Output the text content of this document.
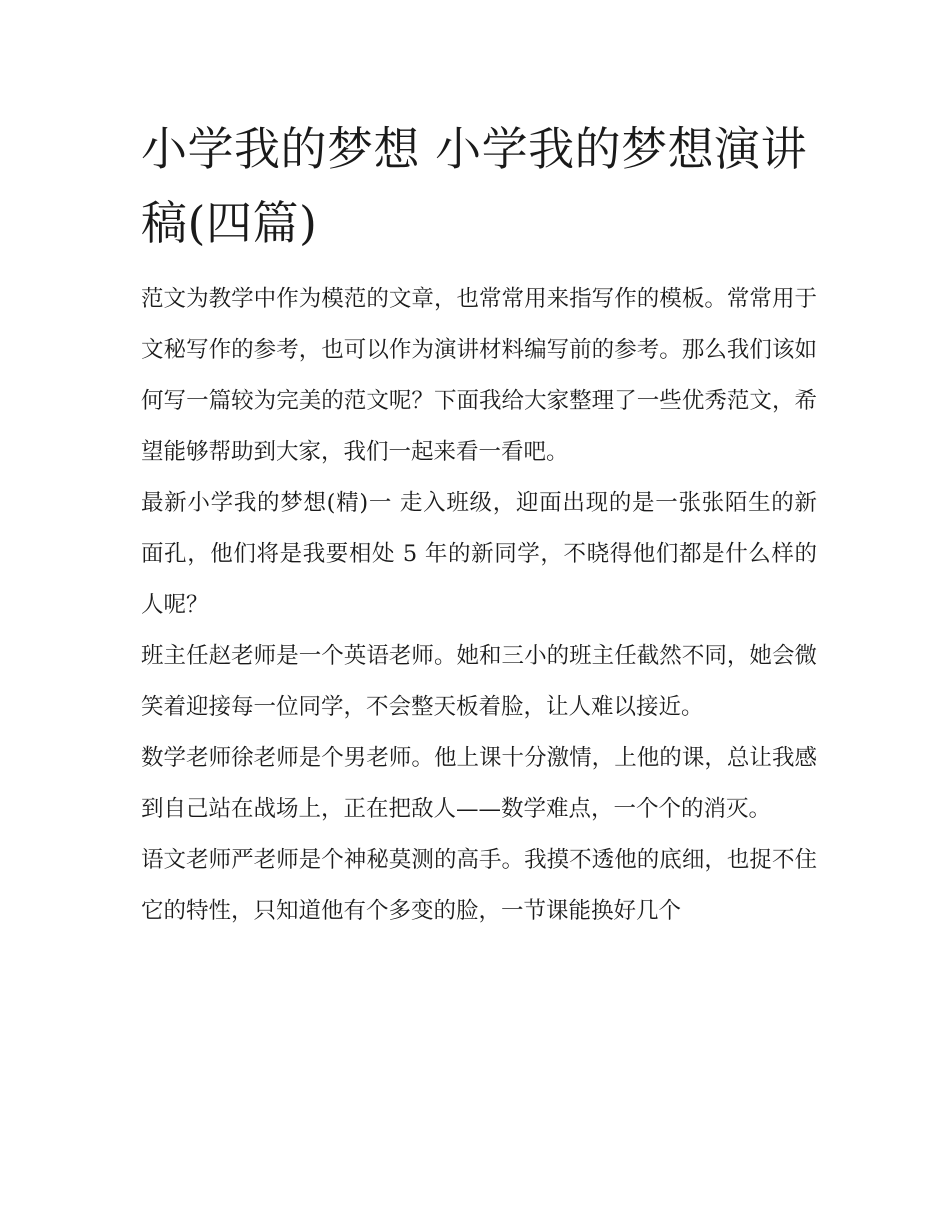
小学我的梦想 小学我的梦想演讲稿(四篇)

范文为教学中作为模范的文章，也常常用来指写作的模板。常常用于文秘写作的参考，也可以作为演讲材料编写前的参考。那么我们该如何写一篇较为完美的范文呢？下面我给大家整理了一些优秀范文，希望能够帮助到大家，我们一起来看一看吧。

最新小学我的梦想(精)一 走入班级，迎面出现的是一张张陌生的新面孔，他们将是我要相处 5 年的新同学，不晓得他们都是什么样的人呢？

班主任赵老师是一个英语老师。她和三小的班主任截然不同，她会微笑着迎接每一位同学，不会整天板着脸，让人难以接近。

数学老师徐老师是个男老师。他上课十分激情，上他的课，总让我感到自己站在战场上，正在把敌人——数学难点，一个个的消灭。

语文老师严老师是个神秘莫测的高手。我摸不透他的底细，也捉不住它的特性，只知道他有个多变的脸，一节课能换好几个
